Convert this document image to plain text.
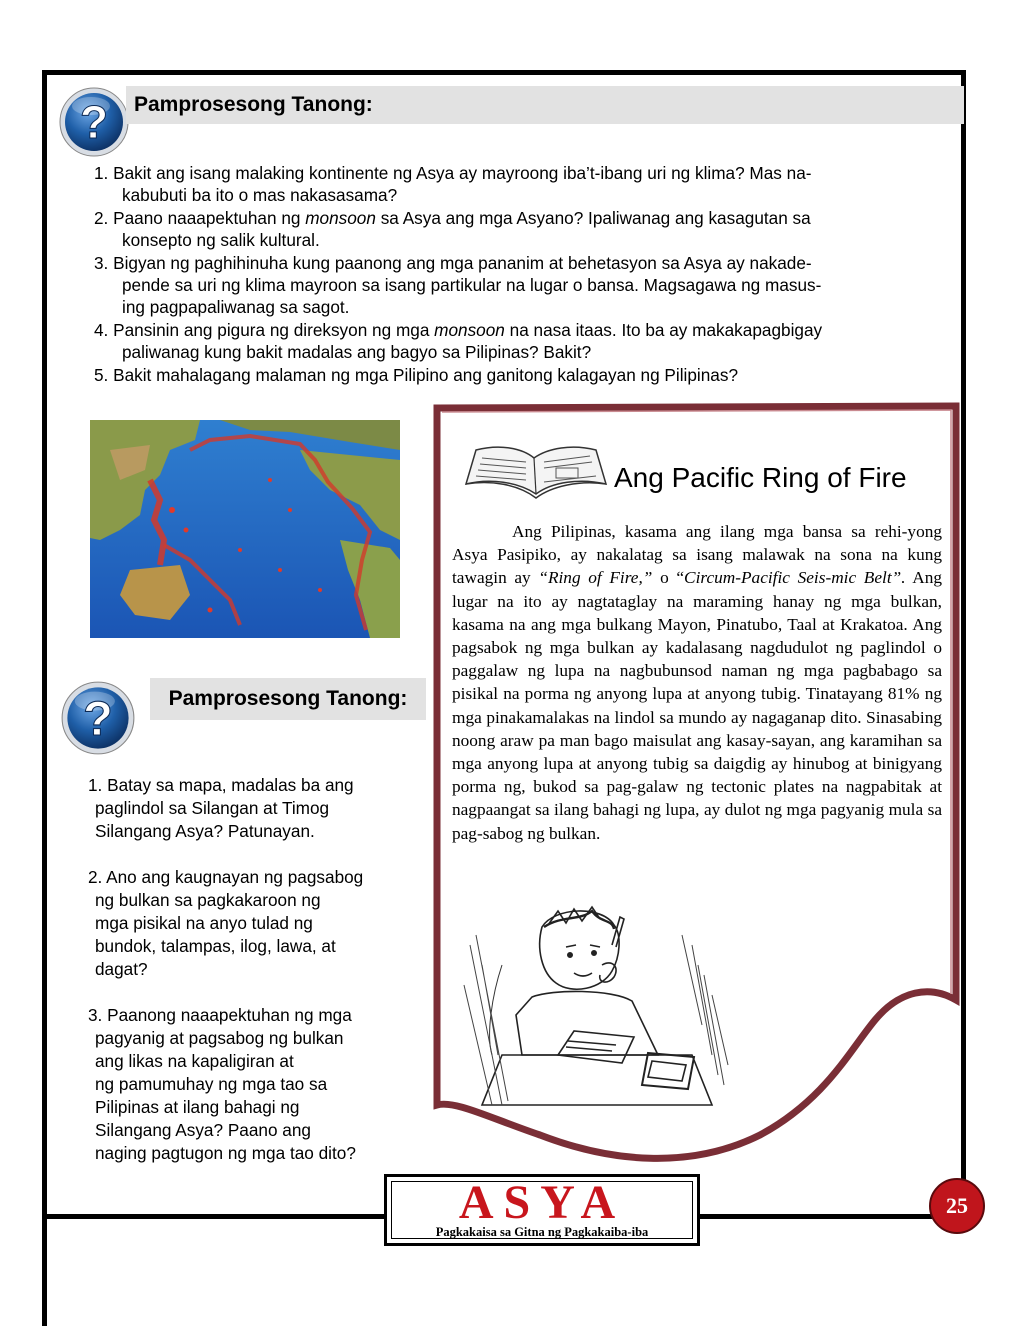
?	Pamprosesong Tanong:
1. Bakit ang isang malaking kontinente ng Asya ay mayroong iba’t-ibang uri ng klima? Mas na-
kabubuti ba ito o mas nakasasama?
2. Paano naaapektuhan ng monsoon sa Asya ang mga Asyano? Ipaliwanag ang kasagutan sa
konsepto ng salik kultural.
3. Bigyan ng paghihinuha kung paanong ang mga pananim at behetasyon sa Asya ay nakade-
pende sa uri ng klima mayroon sa isang partikular na lugar o bansa. Magsagawa ng masus-
ing pagpapaliwanag sa sagot.
4. Pansinin ang pigura ng direksyon ng mga monsoon na nasa itaas. Ito ba ay makakapagbigay
paliwanag kung bakit madalas ang bagyo sa Pilipinas? Bakit?
5. Bakit mahalagang malaman ng mga Pilipino ang ganitong kalagayan ng Pilipinas?
?	Pamprosesong Tanong:
1. Batay sa mapa, madalas ba ang
paglindol sa Silangan at Timog
Silangang Asya? Patunayan.
2. Ano ang kaugnayan ng pagsabog
ng bulkan sa pagkakaroon ng
mga pisikal na anyo tulad ng
bundok, talampas, ilog, lawa, at
dagat?
3. Paanong naaapektuhan ng mga
pagyanig at pagsabog ng bulkan
ang likas na kapaligiran at
ng pamumuhay ng mga tao sa
Pilipinas at ilang bahagi ng
Silangang Asya? Paano ang
naging pagtugon ng mga tao dito?
Ang Pacific Ring of Fire

Ang Pilipinas, kasama ang ilang mga bansa sa rehi-yong Asya Pasipiko, ay nakalatag sa isang malawak na sona na kung tawagin ay “Ring of Fire,” o “Circum-Pacific Seis-mic Belt”. Ang lugar na ito ay nagtataglay na maraming hanay ng mga bulkan, kasama na ang mga bulkang Mayon, Pinatubo, Taal at Krakatoa. Ang pagsabok ng mga bulkan ay kadalasang nagdudulot ng paglindol o paggalaw ng lupa na nagbubunsod naman ng mga pagbabago sa pisikal na porma ng anyong lupa at anyong tubig. Tinatayang 81% ng mga pinakamalakas na lindol sa mundo ay nagaganap dito. Sinasabing noong araw pa man bago maisulat ang kasay-sayan, ang karamihan sa mga anyong lupa at anyong tubig sa daigdig ay hinubog at binigyang porma ng, bukod sa pag-galaw ng tectonic plates na nagpabitak at nagpaangat sa ilang bahagi ng lupa, ay dulot ng mga pagyanig mula sa pag-sabog ng bulkan.

ASYA
Pagkakaisa sa Gitna ng Pagkakaiba-iba
25
